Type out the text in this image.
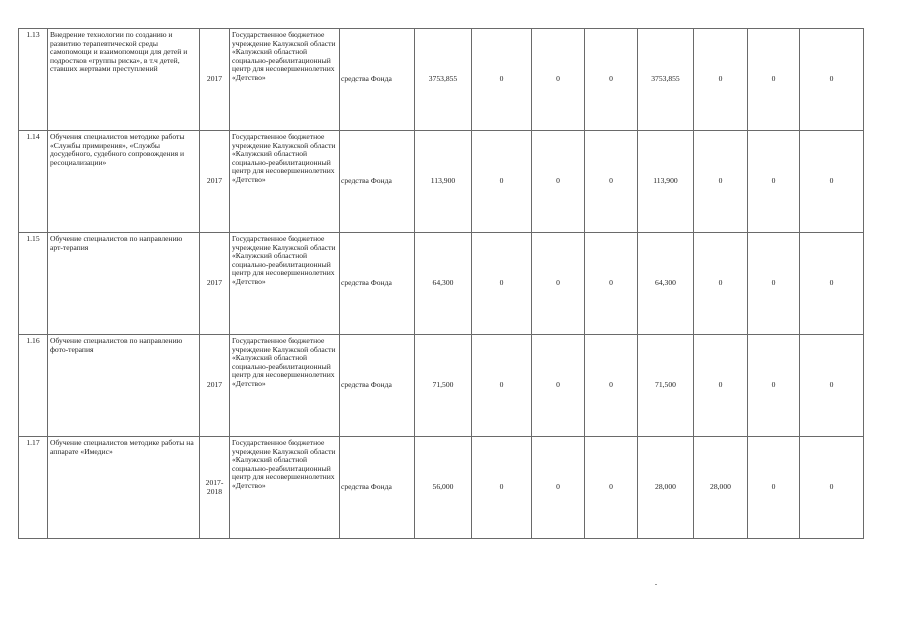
1.13	Внедрение технологии по созданию и развитию терапевтической среды самопомощи и взаимопомощи для детей и подростков «группы риска», в т.ч детей, ставших жертвами преступлений	2017	Государственное бюджетное учреждение Калужской области «Калужский областной социально-реабилитационный центр для несовершеннолетних «Детство»	средства Фонда	3753,855	0	0	0	3753,855	0	0	0
1.14	Обучения специалистов методике работы «Службы примирения», «Службы досудебного, судебного сопровождения и ресоциализации»	2017	Государственное бюджетное учреждение Калужской области «Калужский областной социально-реабилитационный центр для несовершеннолетних «Детство»	средства Фонда	113,900	0	0	0	113,900	0	0	0
1.15	Обучение специалистов по направлению арт-терапия	2017	Государственное бюджетное учреждение Калужской области «Калужский областной социально-реабилитационный центр для несовершеннолетних «Детство»	средства Фонда	64,300	0	0	0	64,300	0	0	0
1.16	Обучение специалистов по направлению фото-терапия	2017	Государственное бюджетное учреждение Калужской области «Калужский областной социально-реабилитационный центр для несовершеннолетних «Детство»	средства Фонда	71,500	0	0	0	71,500	0	0	0
1.17	Обучение специалистов методике работы на аппарате «Имедис»	2017-2018	Государственное бюджетное учреждение Калужской области «Калужский областной социально-реабилитационный центр для несовершеннолетних «Детство»	средства Фонда	56,000	0	0	0	28,000	28,000	0	0
